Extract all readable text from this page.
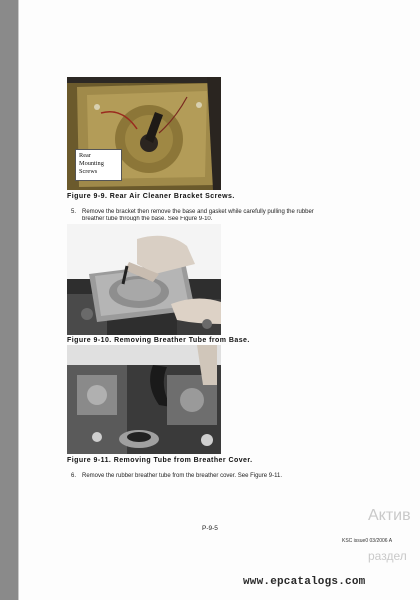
Rear
Mounting
Screws
Figure 9-9. Rear Air Cleaner Bracket Screws.
5. Remove the bracket then remove the base and gasket while carefully pulling the rubber
breather tube through the base. See Figure 9-10.
Figure 9-10. Removing Breather Tube from Base.
Figure 9-11. Removing Tube from Breather Cover.
6. Remove the rubber breather tube from the breather cover. See Figure 9-11.
P-9-5
KSC issue0 03/2006 A
Актив
раздел
www.epcatalogs.com
